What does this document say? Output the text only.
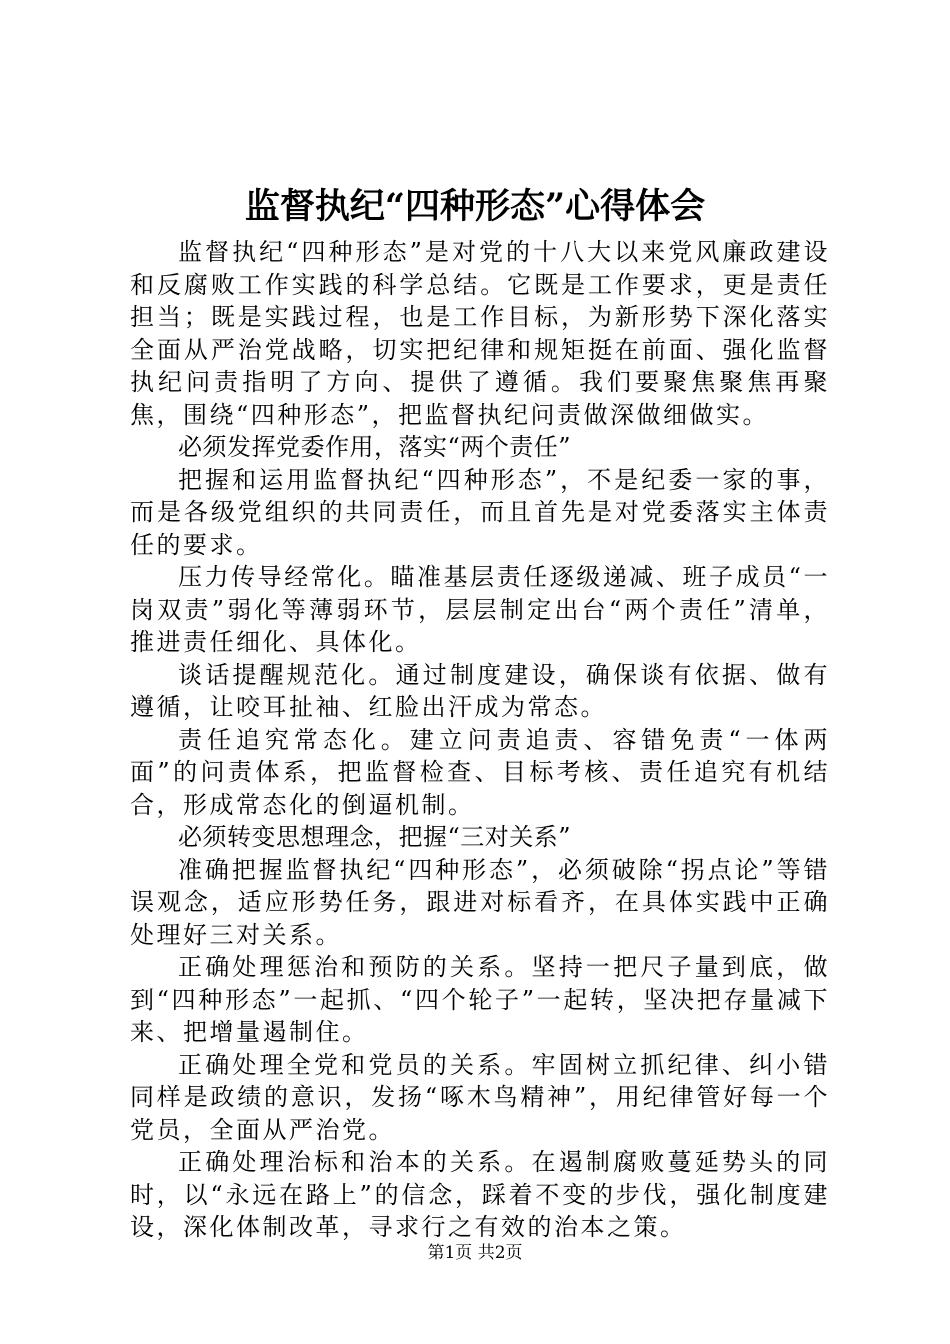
监督执纪“四种形态”心得体会

监督执纪“四种形态”是对党的十八大以来党风廉政建设和反腐败工作实践的科学总结。它既是工作要求，更是责任担当；既是实践过程，也是工作目标，为新形势下深化落实全面从严治党战略，切实把纪律和规矩挺在前面、强化监督执纪问责指明了方向、提供了遵循。我们要聚焦聚焦再聚焦，围绕“四种形态”，把监督执纪问责做深做细做实。

必须发挥党委作用，落实“两个责任”

把握和运用监督执纪“四种形态”，不是纪委一家的事，而是各级党组织的共同责任，而且首先是对党委落实主体责任的要求。

压力传导经常化。瞄准基层责任逐级递减、班子成员“一岗双责”弱化等薄弱环节，层层制定出台“两个责任”清单，推进责任细化、具体化。

谈话提醒规范化。通过制度建设，确保谈有依据、做有遵循，让咬耳扯袖、红脸出汗成为常态。

责任追究常态化。建立问责追责、容错免责“一体两面”的问责体系，把监督检查、目标考核、责任追究有机结合，形成常态化的倒逼机制。

必须转变思想理念，把握“三对关系”

准确把握监督执纪“四种形态”，必须破除“拐点论”等错误观念，适应形势任务，跟进对标看齐，在具体实践中正确处理好三对关系。

正确处理惩治和预防的关系。坚持一把尺子量到底，做到“四种形态”一起抓、“四个轮子”一起转，坚决把存量减下来、把增量遏制住。

正确处理全党和党员的关系。牢固树立抓纪律、纠小错同样是政绩的意识，发扬“啄木鸟精神”，用纪律管好每一个党员，全面从严治党。

正确处理治标和治本的关系。在遏制腐败蔓延势头的同时，以“永远在路上”的信念，踩着不变的步伐，强化制度建设，深化体制改革，寻求行之有效的治本之策。

第1页 共2页
